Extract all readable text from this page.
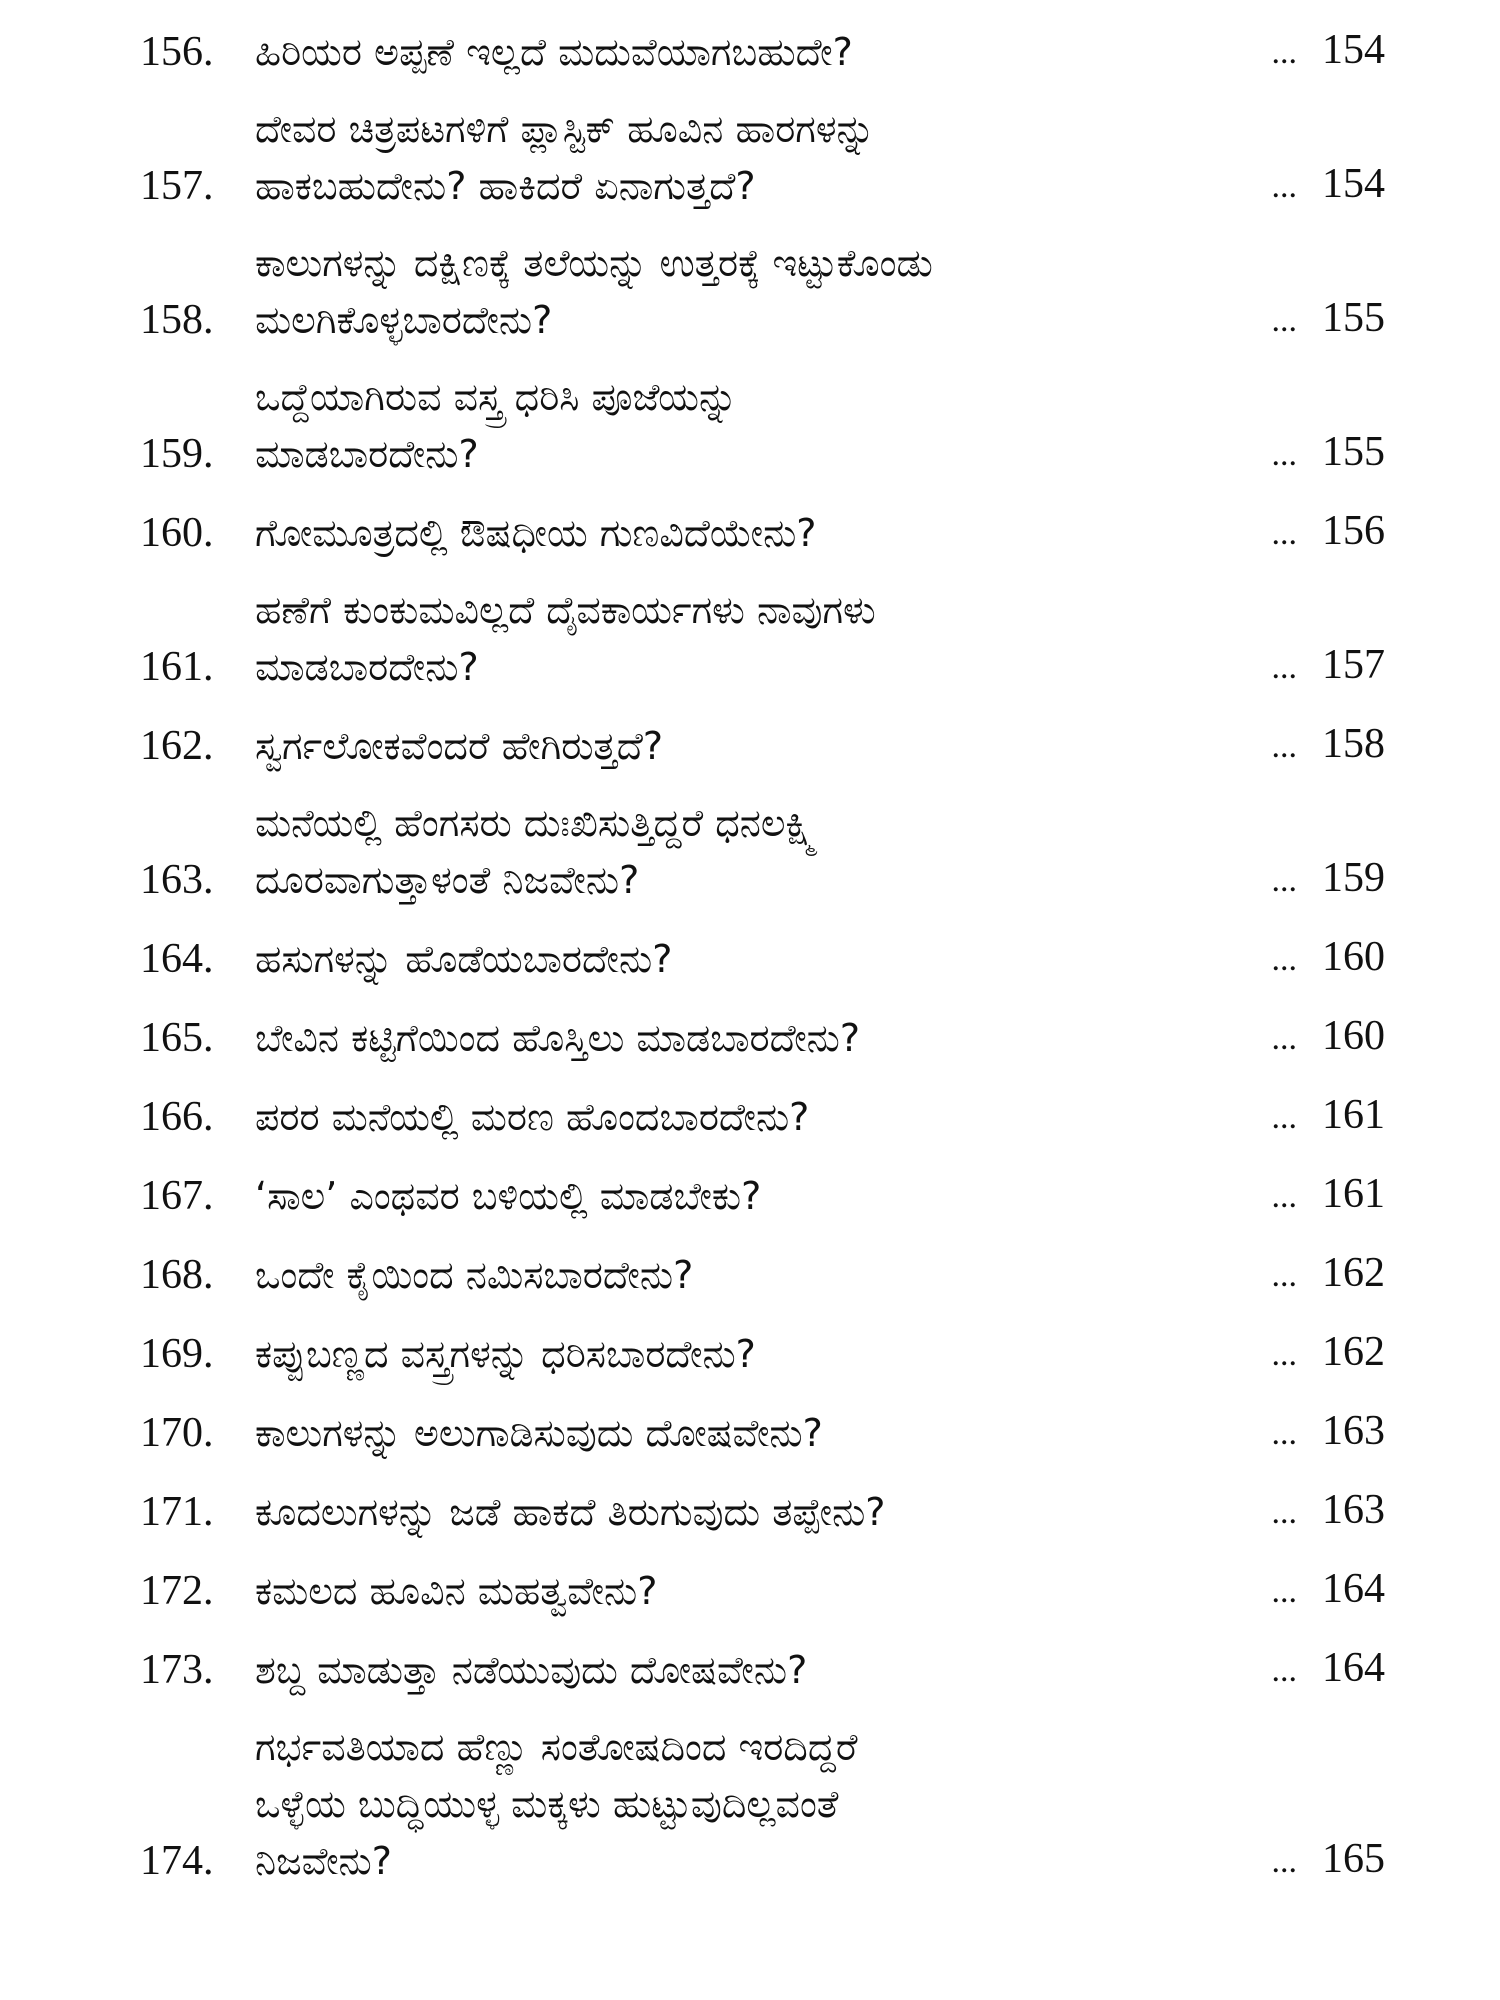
156.	ಹಿರಿಯರ ಅಪ್ಪಣೆ ಇಲ್ಲದೆ ಮದುವೆಯಾಗಬಹುದೇ?	... 154
157.
ದೇವರ ಚಿತ್ರಪಟಗಳಿಗೆ ಪ್ಲಾಸ್ಟಿಕ್ ಹೂವಿನ ಹಾರಗಳನ್ನು
ಹಾಕಬಹುದೇನು? ಹಾಕಿದರೆ ಏನಾಗುತ್ತದೆ?	... 154
158.
ಕಾಲುಗಳನ್ನು ದಕ್ಷಿಣಕ್ಕೆ ತಲೆಯನ್ನು ಉತ್ತರಕ್ಕೆ ಇಟ್ಟುಕೊಂಡು
ಮಲಗಿಕೊಳ್ಳಬಾರದೇನು?	... 155
159.
ಒದ್ದೆಯಾಗಿರುವ ವಸ್ತ್ರ ಧರಿಸಿ ಪೂಜೆಯನ್ನು
ಮಾಡಬಾರದೇನು?	... 155
160.	ಗೋಮೂತ್ರದಲ್ಲಿ ಔಷಧೀಯ ಗುಣವಿದೆಯೇನು?	... 156
161.
ಹಣೆಗೆ ಕುಂಕುಮವಿಲ್ಲದೆ ದೈವಕಾರ್ಯಗಳು ನಾವುಗಳು
ಮಾಡಬಾರದೇನು?	... 157
162.	ಸ್ವರ್ಗಲೋಕವೆಂದರೆ ಹೇಗಿರುತ್ತದೆ?	... 158
163.
ಮನೆಯಲ್ಲಿ ಹೆಂಗಸರು ದುಃಖಿಸುತ್ತಿದ್ದರೆ ಧನಲಕ್ಷ್ಮಿ
ದೂರವಾಗುತ್ತಾಳಂತೆ ನಿಜವೇನು?	... 159
164.	ಹಸುಗಳನ್ನು ಹೊಡೆಯಬಾರದೇನು?	... 160
165.	ಬೇವಿನ ಕಟ್ಟಿಗೆಯಿಂದ ಹೊಸ್ತಿಲು ಮಾಡಬಾರದೇನು?	... 160
166.	ಪರರ ಮನೆಯಲ್ಲಿ ಮರಣ ಹೊಂದಬಾರದೇನು?	... 161
167.	‘ಸಾಲ’ ಎಂಥವರ ಬಳಿಯಲ್ಲಿ ಮಾಡಬೇಕು?	... 161
168.	ಒಂದೇ ಕೈಯಿಂದ ನಮಿಸಬಾರದೇನು?	... 162
169.	ಕಪ್ಪುಬಣ್ಣದ ವಸ್ತ್ರಗಳನ್ನು ಧರಿಸಬಾರದೇನು?	... 162
170.	ಕಾಲುಗಳನ್ನು ಅಲುಗಾಡಿಸುವುದು ದೋಷವೇನು?	... 163
171.	ಕೂದಲುಗಳನ್ನು ಜಡೆ ಹಾಕದೆ ತಿರುಗುವುದು ತಪ್ಪೇನು?	... 163
172.	ಕಮಲದ ಹೂವಿನ ಮಹತ್ವವೇನು?	... 164
173.	ಶಬ್ದ ಮಾಡುತ್ತಾ ನಡೆಯುವುದು ದೋಷವೇನು?	... 164
174.
ಗರ್ಭವತಿಯಾದ ಹೆಣ್ಣು ಸಂತೋಷದಿಂದ ಇರದಿದ್ದರೆ
ಒಳ್ಳೆಯ ಬುದ್ಧಿಯುಳ್ಳ ಮಕ್ಕಳು ಹುಟ್ಟುವುದಿಲ್ಲವಂತೆ
ನಿಜವೇನು?	... 165
